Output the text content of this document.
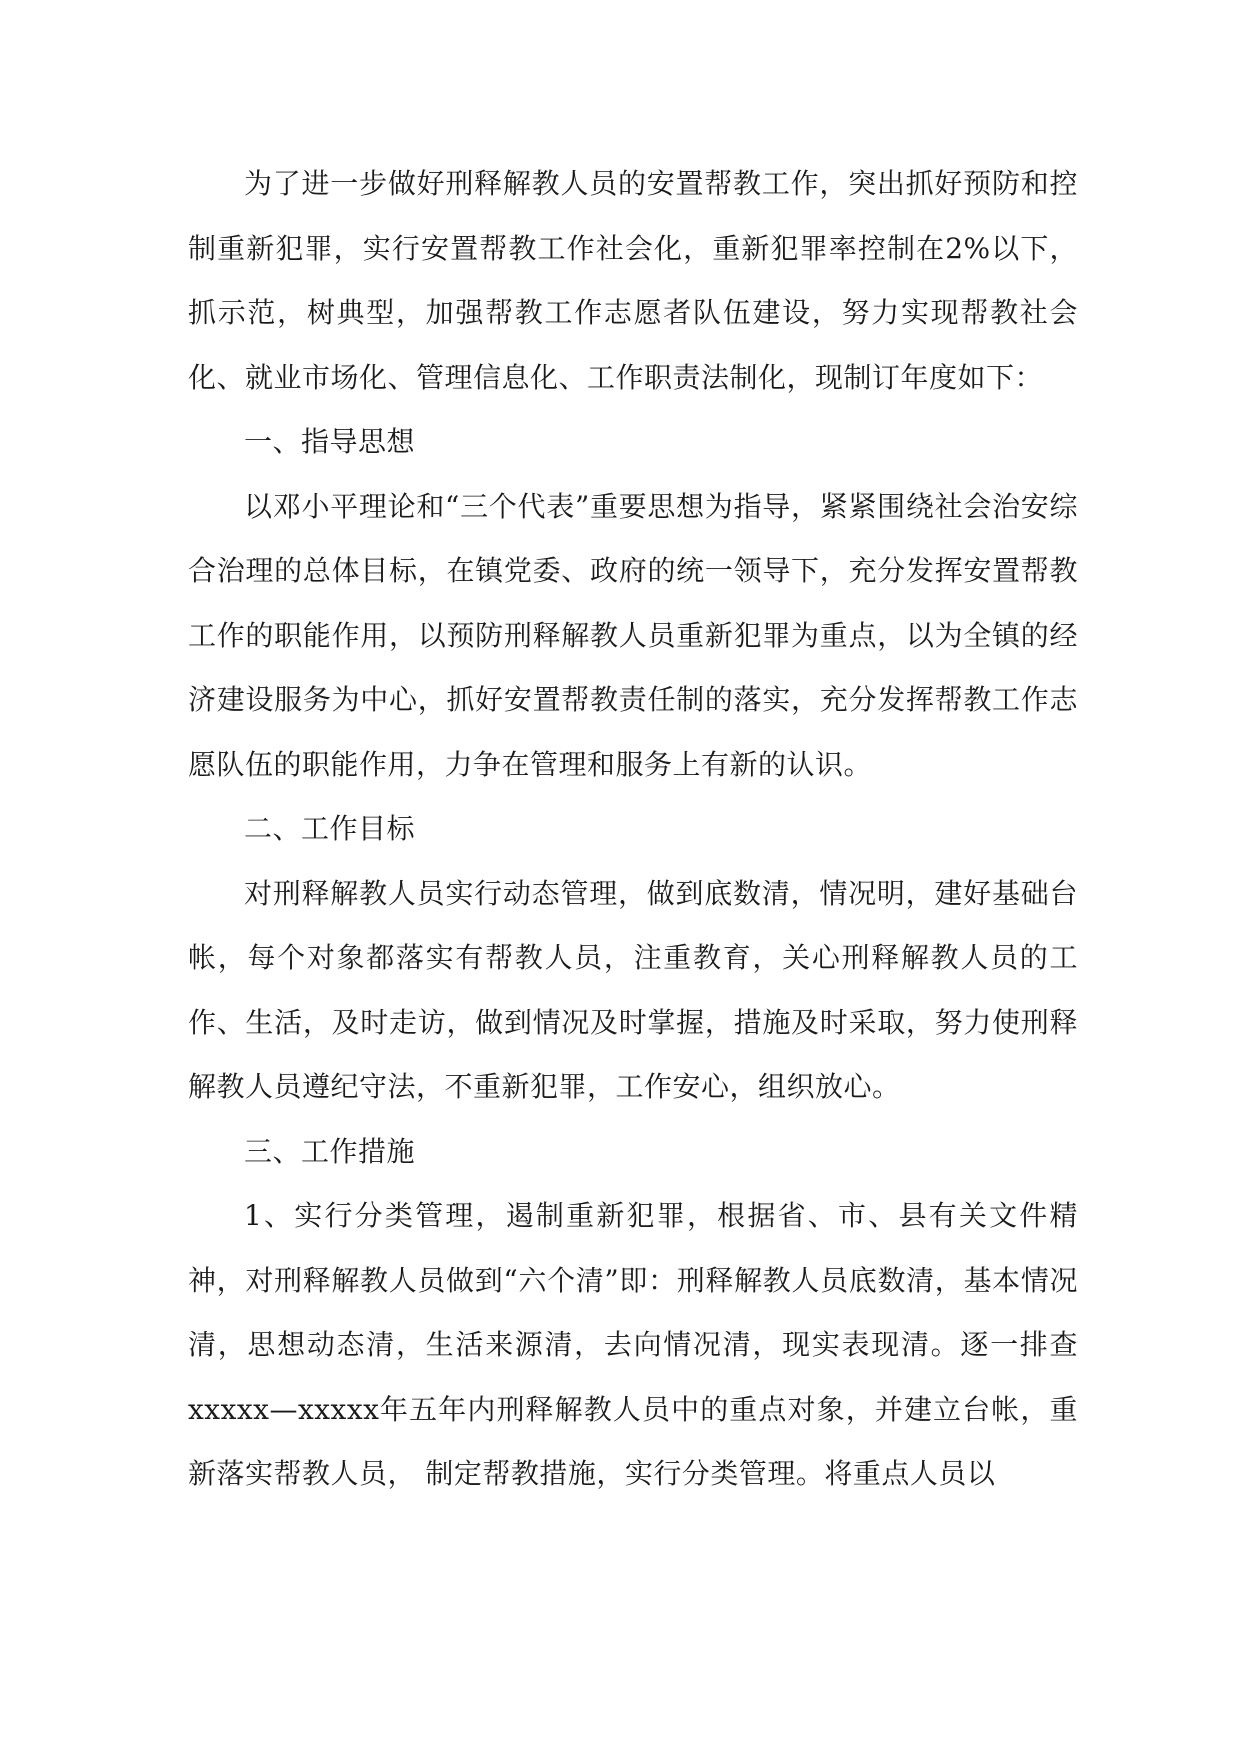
为了进一步做好刑释解教人员的安置帮教工作，突出抓好预防和控制重新犯罪，实行安置帮教工作社会化，重新犯罪率控制在2%以下，抓示范，树典型，加强帮教工作志愿者队伍建设，努力实现帮教社会化、就业市场化、管理信息化、工作职责法制化，现制订年度如下：

一、指导思想

以邓小平理论和“三个代表”重要思想为指导，紧紧围绕社会治安综合治理的总体目标，在镇党委、政府的统一领导下，充分发挥安置帮教工作的职能作用，以预防刑释解教人员重新犯罪为重点，以为全镇的经济建设服务为中心，抓好安置帮教责任制的落实，充分发挥帮教工作志愿队伍的职能作用，力争在管理和服务上有新的认识。

二、工作目标

对刑释解教人员实行动态管理，做到底数清，情况明，建好基础台帐，每个对象都落实有帮教人员，注重教育，关心刑释解教人员的工作、生活，及时走访，做到情况及时掌握，措施及时采取，努力使刑释解教人员遵纪守法，不重新犯罪，工作安心，组织放心。

三、工作措施

1、实行分类管理，遏制重新犯罪，根据省、市、县有关文件精神，对刑释解教人员做到“六个清”即：刑释解教人员底数清，基本情况清，思想动态清，生活来源清，去向情况清，现实表现清。逐一排查xxxxx—xxxxx年五年内刑释解教人员中的重点对象，并建立台帐，重新落实帮教人员， 制定帮教措施，实行分类管理。将重点人员以
